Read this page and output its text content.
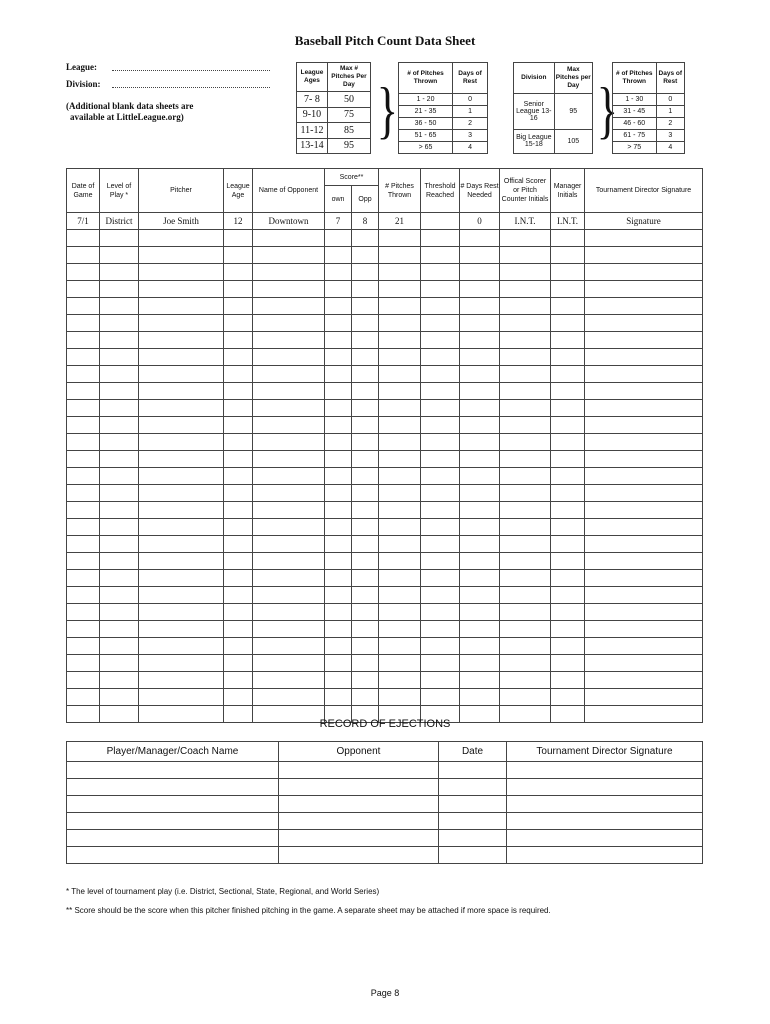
Baseball Pitch Count Data Sheet
League:
Division:
(Additional blank data sheets are
available at LittleLeague.org)
League Ages	Max # Pitches Per Day
7- 8	50
9-10	75
11-12	85
13-14	95
}
# of Pitches Thrown	Days of Rest
1 - 20	0
21 - 35	1
36 - 50	2
51 - 65	3
> 65	4
Division	Max Pitches per Day
Senior League 13-16	95
Big League 15-18	105 }
# of Pitches Thrown	Days of Rest
1 - 30	0
31 - 45	1
46 - 60	2
61 - 75	3
> 75	4
Date of Game	Level of Play *	Pitcher	League Age	Name of Opponent	Score**		# Pitches Thrown	Threshold Reached	# Days Rest Needed	Offical Scorer or Pitch Counter Initials	Manager Initials	Tournament Director Signature
					own	Opp						
7/1	District	Joe Smith	12	Downtown	7	8	21		0	I.N.T.	I.N.T.	Signature

RECORD OF EJECTIONS
Player/Manager/Coach Name	Opponent	Date	Tournament Director Signature

* The level of tournament play (i.e. District, Sectional, State, Regional, and World Series)
** Score should be the score when this pitcher finished pitching in the game. A separate sheet may be attached if more space is required.
Page 8
